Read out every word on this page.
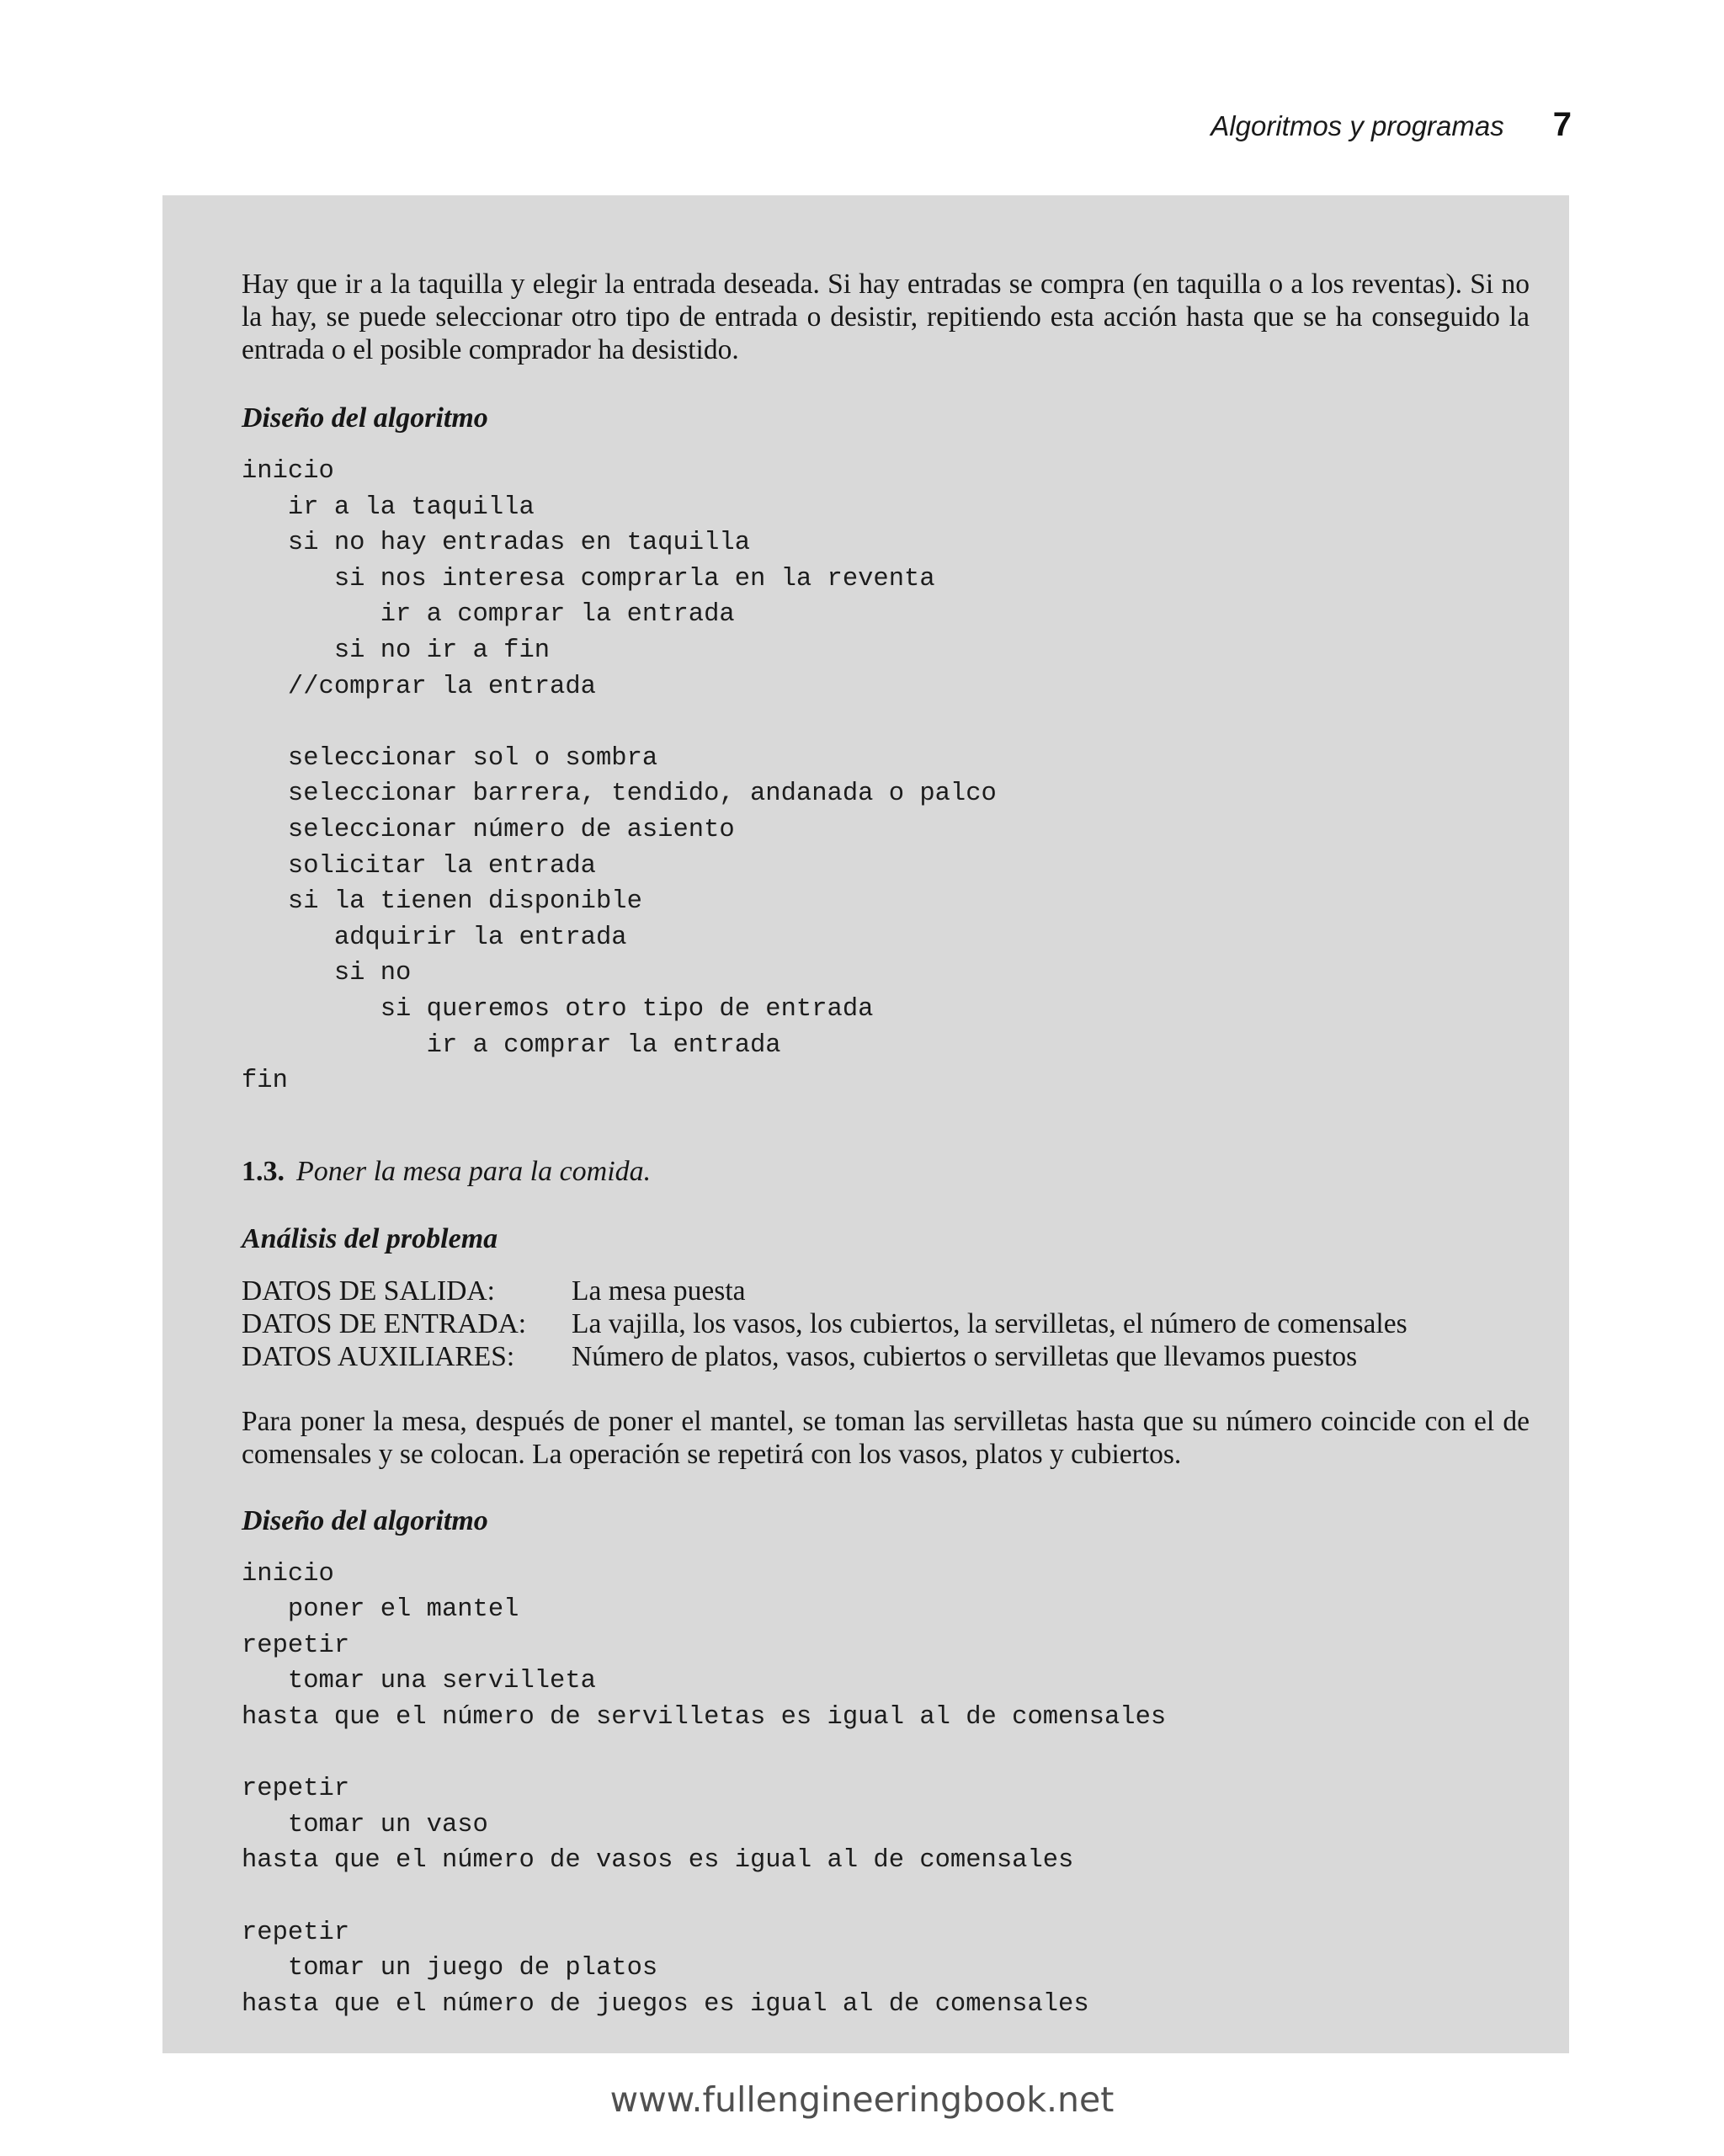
Algoritmos y programas 7

Hay que ir a la taquilla y elegir la entrada deseada. Si hay entradas se compra (en taquilla o a los reventas). Si no la hay, se puede seleccionar otro tipo de entrada o desistir, repitiendo esta acción hasta que se ha conseguido la entrada o el posible comprador ha desistido.

Diseño del algoritmo

inicio
ir a la taquilla
si no hay entradas en taquilla
si nos interesa comprarla en la reventa
ir a comprar la entrada
si no ir a fin
//comprar la entrada

seleccionar sol o sombra
seleccionar barrera, tendido, andanada o palco
seleccionar número de asiento
solicitar la entrada
si la tienen disponible
adquirir la entrada
si no
si queremos otro tipo de entrada
ir a comprar la entrada
fin

1.3. Poner la mesa para la comida.

Análisis del problema

DATOS DE SALIDA:	La mesa puesta
DATOS DE ENTRADA:	La vajilla, los vasos, los cubiertos, la servilletas, el número de comensales
DATOS AUXILIARES:	Número de platos, vasos, cubiertos o servilletas que llevamos puestos

Para poner la mesa, después de poner el mantel, se toman las servilletas hasta que su número coincide con el de comensales y se colocan. La operación se repetirá con los vasos, platos y cubiertos.

Diseño del algoritmo

inicio
poner el mantel
repetir
tomar una servilleta
hasta que el número de servilletas es igual al de comensales

repetir
tomar un vaso
hasta que el número de vasos es igual al de comensales

repetir
tomar un juego de platos
hasta que el número de juegos es igual al de comensales
www.fullengineeringbook.net
